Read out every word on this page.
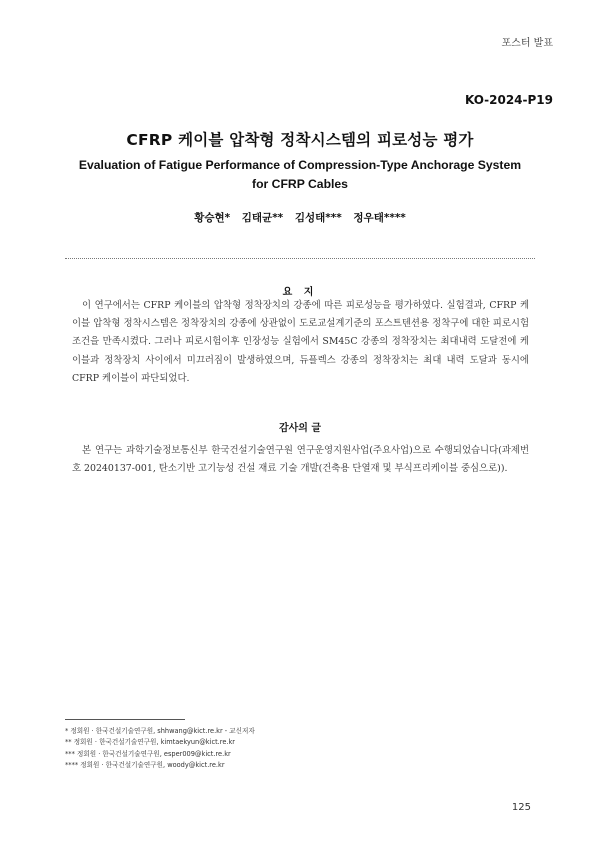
포스터 발표
KO-2024-P19
CFRP 케이블 압착형 정착시스템의 피로성능 평가
Evaluation of Fatigue Performance of Compression-Type Anchorage System for CFRP Cables
황승현* 김태균** 김성태*** 정우태****
요 지
이 연구에서는 CFRP 케이블의 압착형 정착장치의 강종에 따른 피로성능을 평가하였다. 실험결과, CFRP 케이블 압착형 정착시스템은 정착장치의 강종에 상관없이 도로교설계기준의 포스트텐션용 정착구에 대한 피로시험 조건을 만족시켰다. 그러나 피로시험이후 인장성능 실험에서 SM45C 강종의 정착장치는 최대내력 도달전에 케이블과 정착장치 사이에서 미끄러짐이 발생하였으며, 듀플렉스 강종의 정착장치는 최대 내력 도달과 동시에 CFRP 케이블이 파단되었다.
감사의 글
본 연구는 과학기술정보통신부 한국건설기술연구원 연구운영지원사업(주요사업)으로 수행되었습니다(과제번호 20240137-001, 탄소기반 고기능성 건설 재료 기술 개발(건축용 단열재 및 부식프리케이블 중심으로)).
* 정회원 · 한국건설기술연구원, shhwang@kict.re.kr - 교신저자
** 정회원 · 한국건설기술연구원, kimtaekyun@kict.re.kr
*** 정회원 · 한국건설기술연구원, esper009@kict.re.kr
**** 정회원 · 한국건설기술연구원, woody@kict.re.kr
125
